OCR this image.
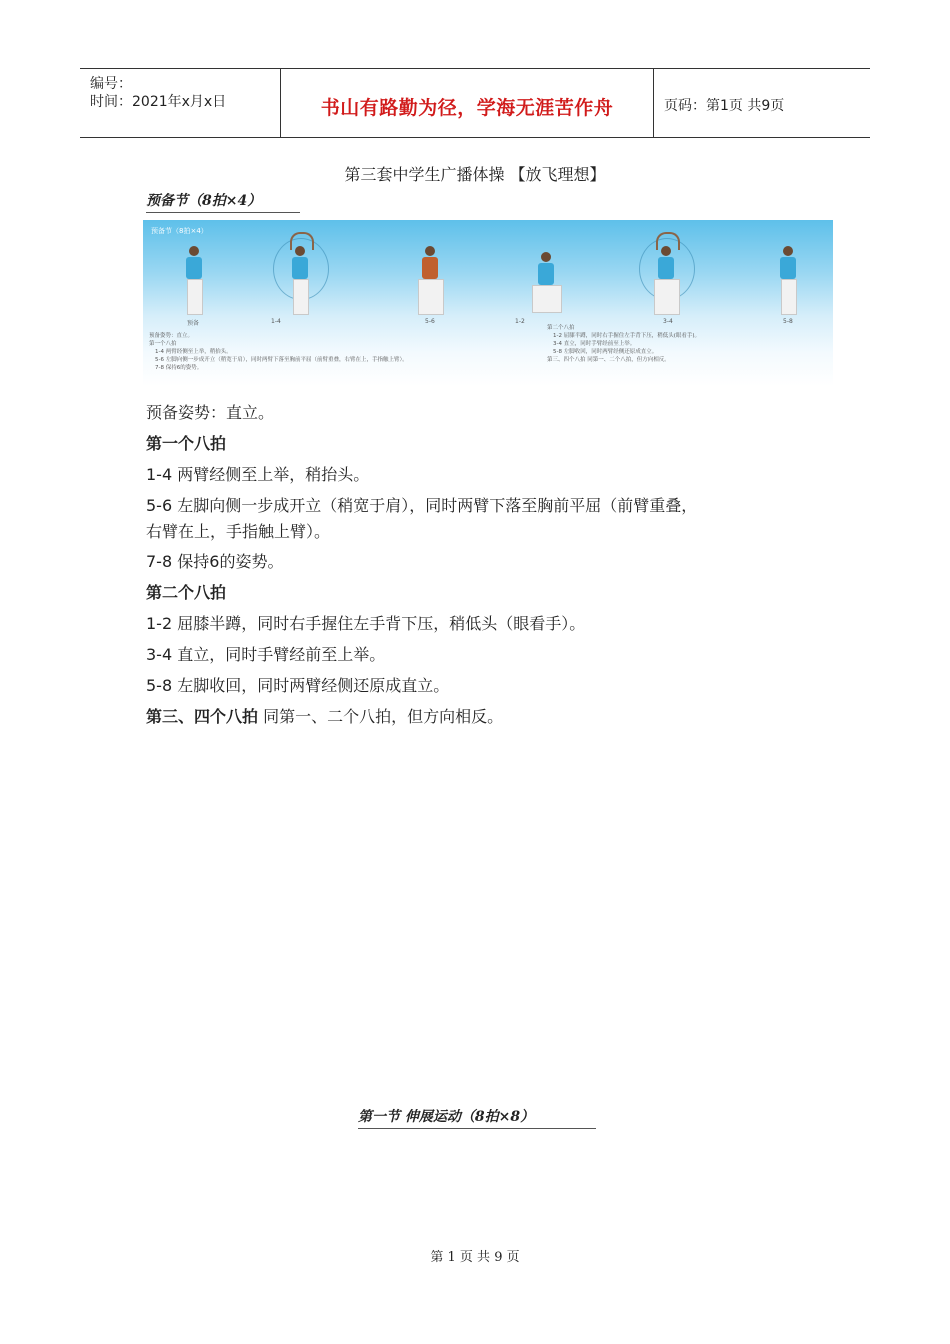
编号：
时间：2021年x月x日	书山有路勤为径，学海无涯苦作舟	页码：第1页 共9页
第三套中学生广播体操 【放飞理想】
预备节（8拍×4）
预备节（8拍×4）
预备	1-4	5-6	1-2	3-4	5-8
预备姿势：直立。
第一个八拍
1-4 两臂经侧至上举，稍抬头。
5-6 左脚向侧一步成开立（稍宽于肩），同时两臂下落至胸前平屈（前臂重叠，右臂在上，手指触上臂）。
7-8 保持6的姿势。
第二个八拍
1-2 屈膝半蹲，同时右手握住左手背下压，稍低头(眼看手)。
3-4 直立，同时手臂经前至上举。
5-8 左脚收回，同时两臂经侧还原成直立。
第三、四个八拍 同第一、二个八拍，但方向相反。
预备姿势：直立。
第一个八拍
1-4 两臂经侧至上举，稍抬头。
5-6 左脚向侧一步成开立（稍宽于肩），同时两臂下落至胸前平屈（前臂重叠，
右臂在上，手指触上臂）。
7-8 保持6的姿势。
第二个八拍
1-2 屈膝半蹲，同时右手握住左手背下压，稍低头（眼看手）。
3-4 直立，同时手臂经前至上举。
5-8 左脚收回，同时两臂经侧还原成直立。
第三、四个八拍 同第一、二个八拍，但方向相反。
第一节 伸展运动（8拍×8）
第 1 页 共 9 页
